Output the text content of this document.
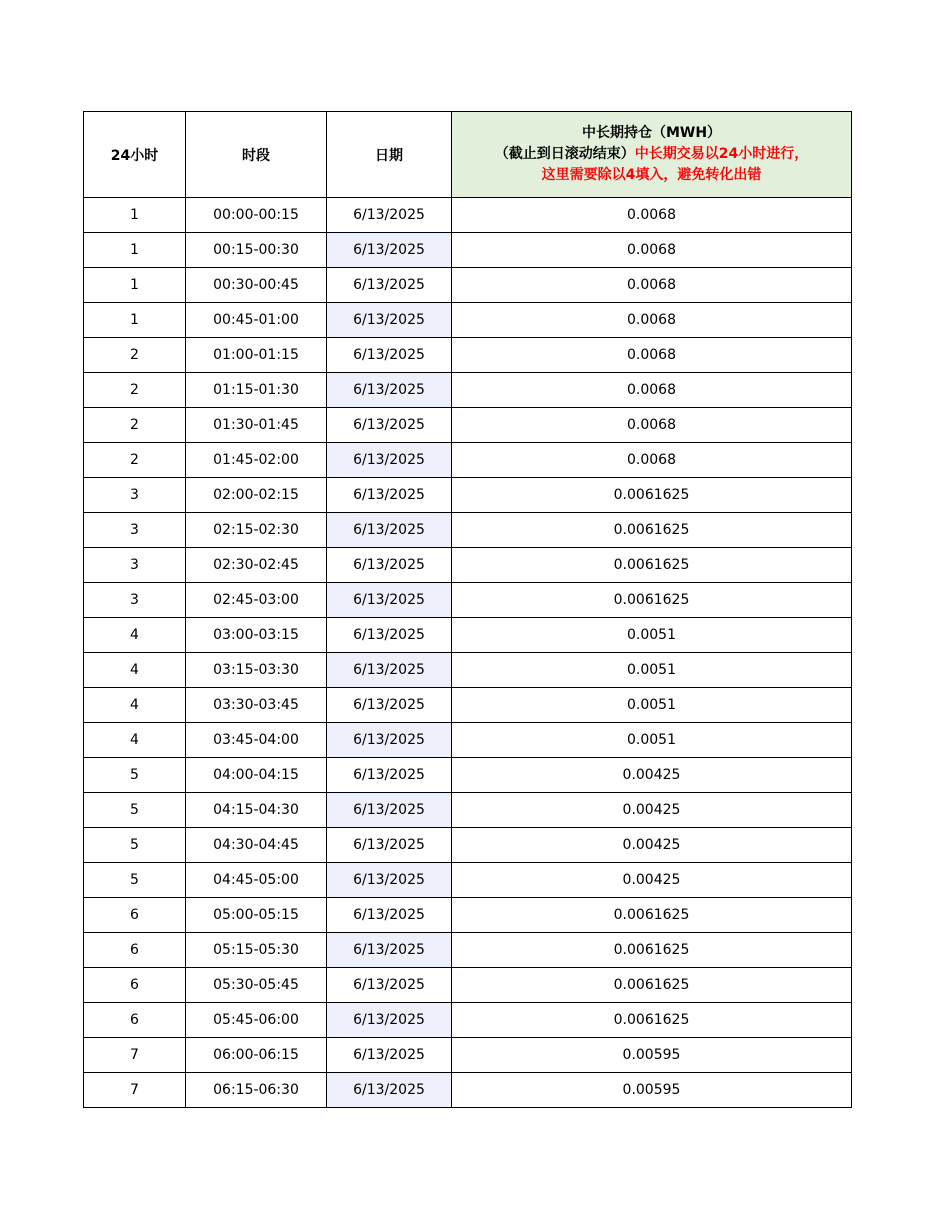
24小时	时段	日期	中长期持仓（MWH）
（截止到日滚动结束）中长期交易以24小时进行，
这里需要除以4填入，避免转化出错

1	00:00-00:15	6/13/2025	0.0068
1	00:15-00:30	6/13/2025	0.0068
1	00:30-00:45	6/13/2025	0.0068
1	00:45-01:00	6/13/2025	0.0068
2	01:00-01:15	6/13/2025	0.0068
2	01:15-01:30	6/13/2025	0.0068
2	01:30-01:45	6/13/2025	0.0068
2	01:45-02:00	6/13/2025	0.0068
3	02:00-02:15	6/13/2025	0.0061625
3	02:15-02:30	6/13/2025	0.0061625
3	02:30-02:45	6/13/2025	0.0061625
3	02:45-03:00	6/13/2025	0.0061625
4	03:00-03:15	6/13/2025	0.0051
4	03:15-03:30	6/13/2025	0.0051
4	03:30-03:45	6/13/2025	0.0051
4	03:45-04:00	6/13/2025	0.0051
5	04:00-04:15	6/13/2025	0.00425
5	04:15-04:30	6/13/2025	0.00425
5	04:30-04:45	6/13/2025	0.00425
5	04:45-05:00	6/13/2025	0.00425
6	05:00-05:15	6/13/2025	0.0061625
6	05:15-05:30	6/13/2025	0.0061625
6	05:30-05:45	6/13/2025	0.0061625
6	05:45-06:00	6/13/2025	0.0061625
7	06:00-06:15	6/13/2025	0.00595
7	06:15-06:30	6/13/2025	0.00595
